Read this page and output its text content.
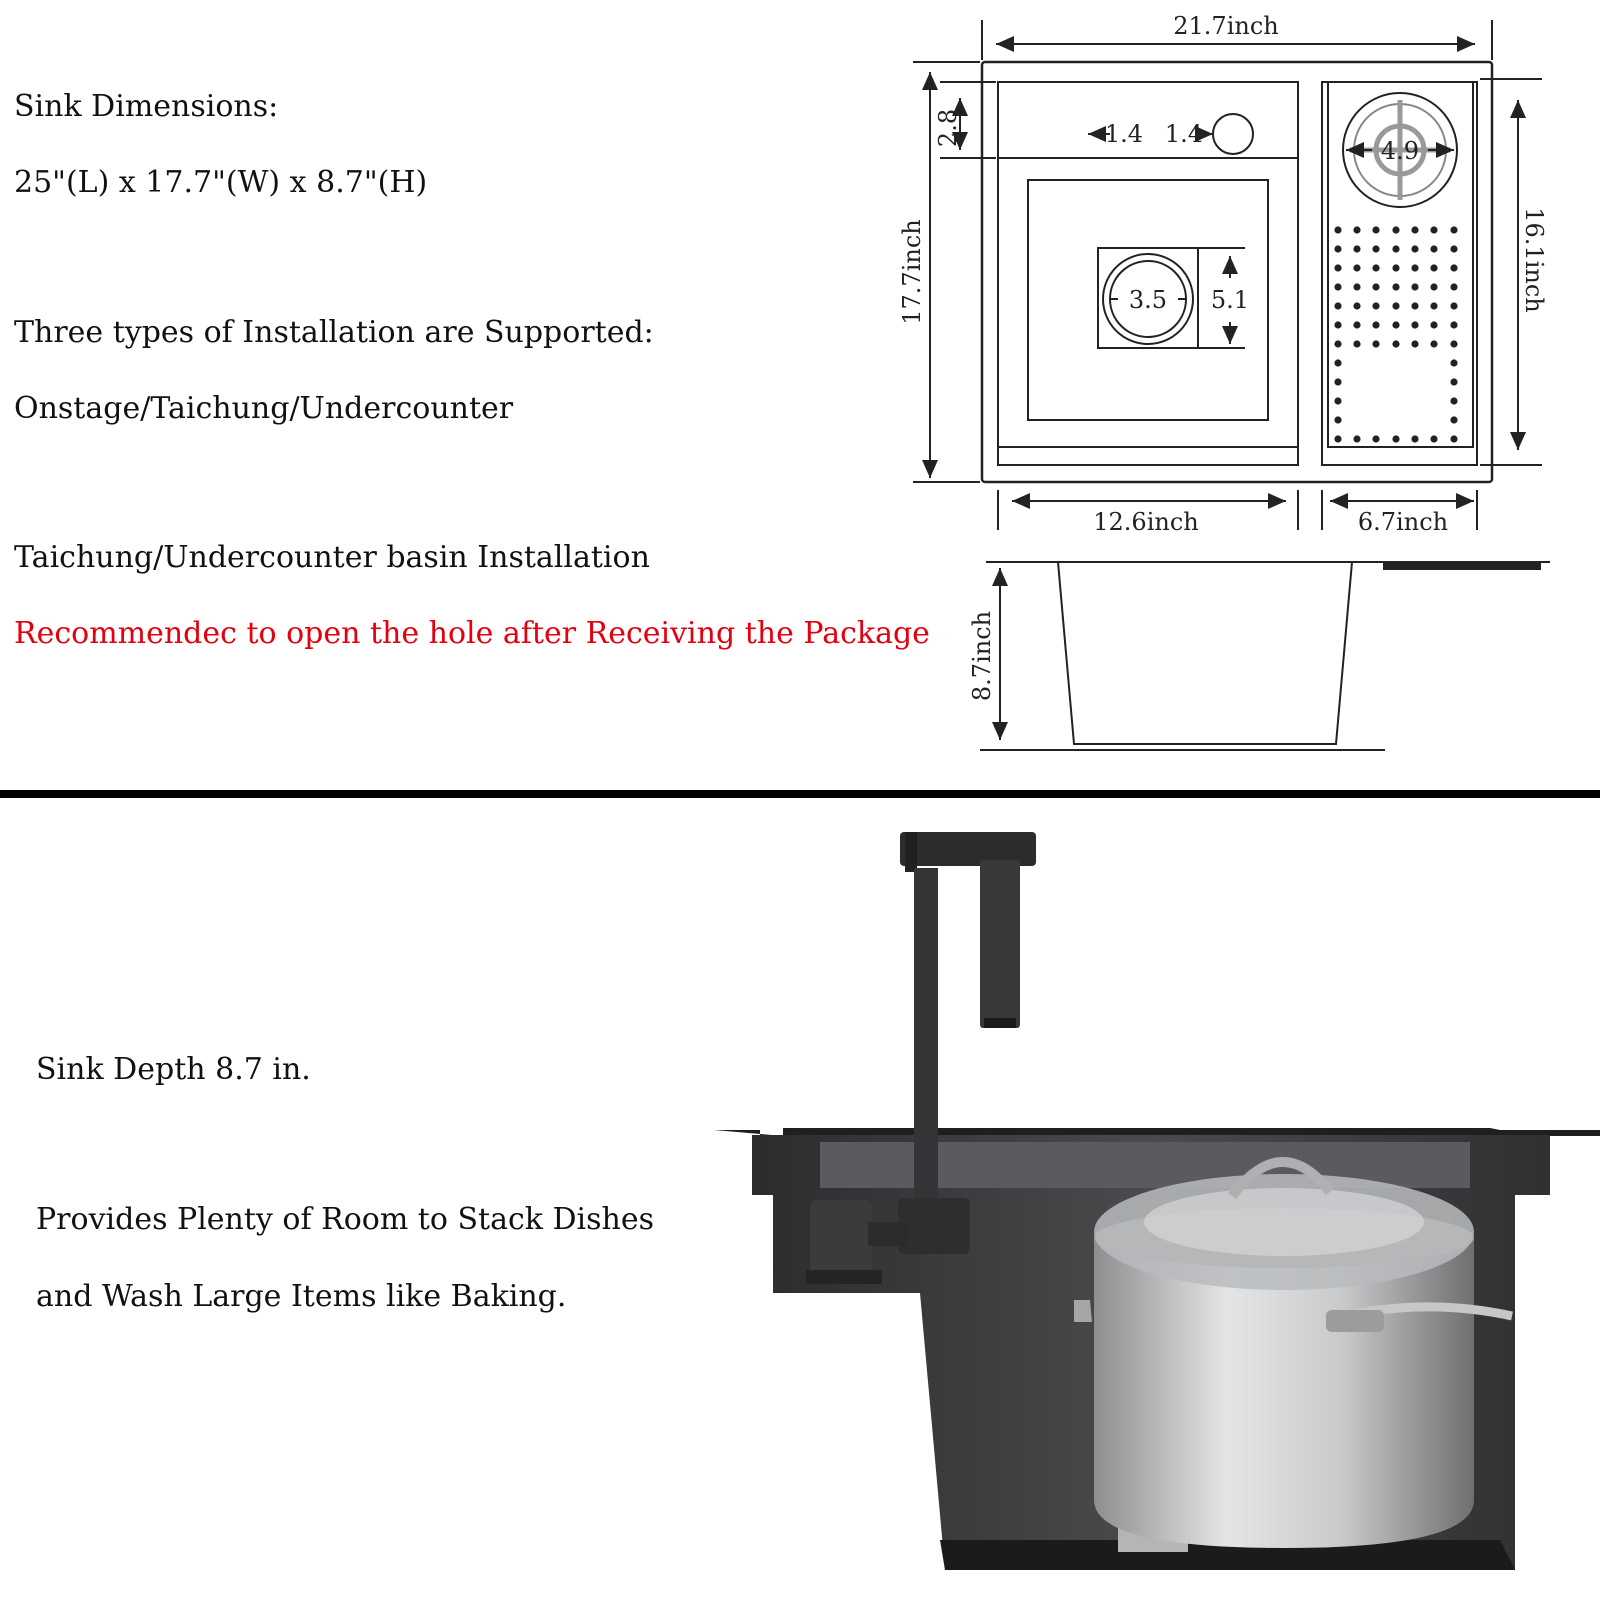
Sink Dimensions:
25"(L) x 17.7"(W) x 8.7"(H)
Three types of Installation are Supported:
Onstage/Taichung/Undercounter
Taichung/Undercounter basin Installation
Recommendec to open the hole after Receiving the Package
Sink Depth 8.7 in.
Provides Plenty of Room to Stack Dishes
and Wash Large Items like Baking.
21.7inch
12.6inch	6.7inch
17.7inch	16.1inch
2.8	1.4 1.4
3.5 5.1
4.9
8.7inch
